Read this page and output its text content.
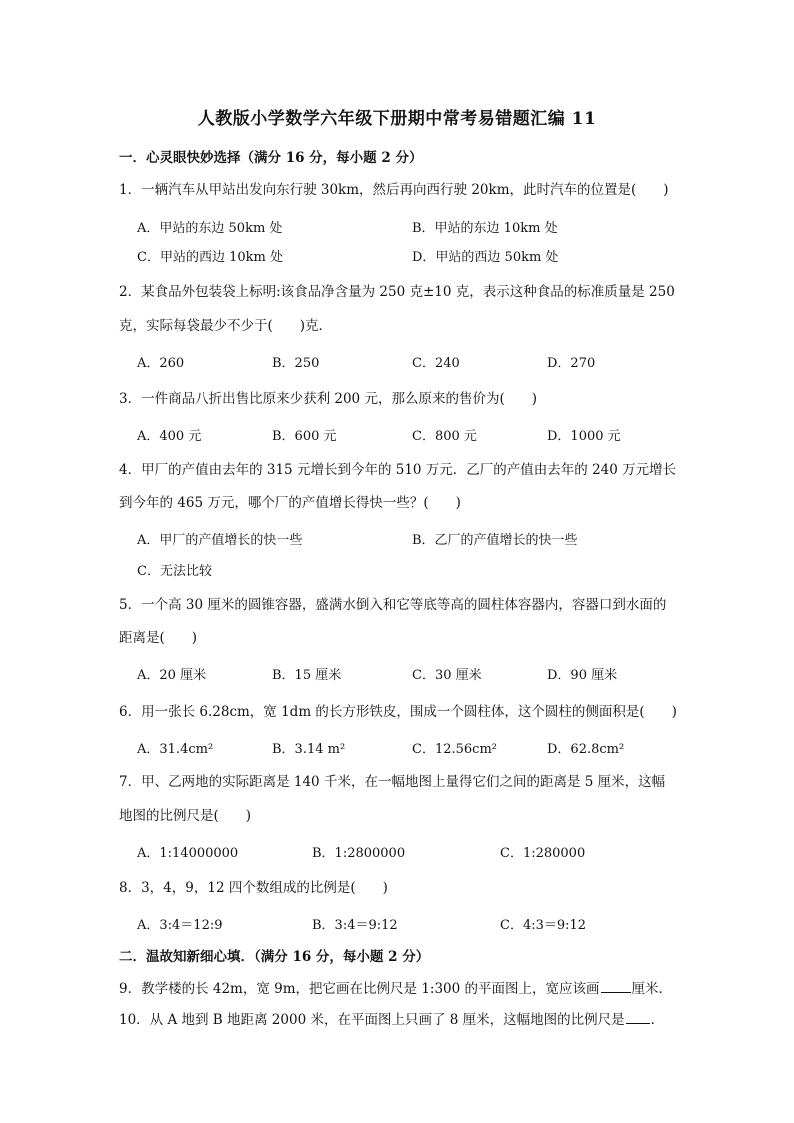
人教版小学数学六年级下册期中常考易错题汇编 11
一．心灵眼快妙选择（满分 16 分，每小题 2 分）
1．一辆汽车从甲站出发向东行驶 30km，然后再向西行驶 20km，此时汽车的位置是(　　)
A．甲站的东边 50km 处	B．甲站的东边 10km 处
C．甲站的西边 10km 处	D．甲站的西边 50km 处
2．某食品外包装袋上标明:该食品净含量为 250 克±10 克，表示这种食品的标准质量是 250
克，实际每袋最少不少于(　　)克．
A．260	B．250	C．240	D．270
3．一件商品八折出售比原来少获利 200 元，那么原来的售价为(　　)
A．400 元	B．600 元	C．800 元	D．1000 元
4．甲厂的产值由去年的 315 元增长到今年的 510 万元．乙厂的产值由去年的 240 万元增长
到今年的 465 万元，哪个厂的产值增长得快一些？(　　)
A．甲厂的产值增长的快一些	B．乙厂的产值增长的快一些
C．无法比较
5．一个高 30 厘米的圆锥容器，盛满水倒入和它等底等高的圆柱体容器内，容器口到水面的
距离是(　　)
A．20 厘米	B．15 厘米	C．30 厘米	D．90 厘米
6．用一张长 6.28cm，宽 1dm 的长方形铁皮，围成一个圆柱体，这个圆柱的侧面积是(　　)
A．31.4cm²	B．3.14 m²	C．12.56cm²	D．62.8cm²
7．甲、乙两地的实际距离是 140 千米，在一幅地图上量得它们之间的距离是 5 厘米，这幅
地图的比例尺是(　　)
A．1:14000000	B．1:2800000	C．1:280000
8．3，4，9，12 四个数组成的比例是(　　)
A．3:4＝12:9	B．3:4＝9:12	C．4:3＝9:12
二．温故知新细心填．（满分 16 分，每小题 2 分）
9．教学楼的长 42m，宽 9m，把它画在比例尺是 1:300 的平面图上，宽应该画 厘米．
10．从 A 地到 B 地距离 2000 米，在平面图上只画了 8 厘米，这幅地图的比例尺是 ．
